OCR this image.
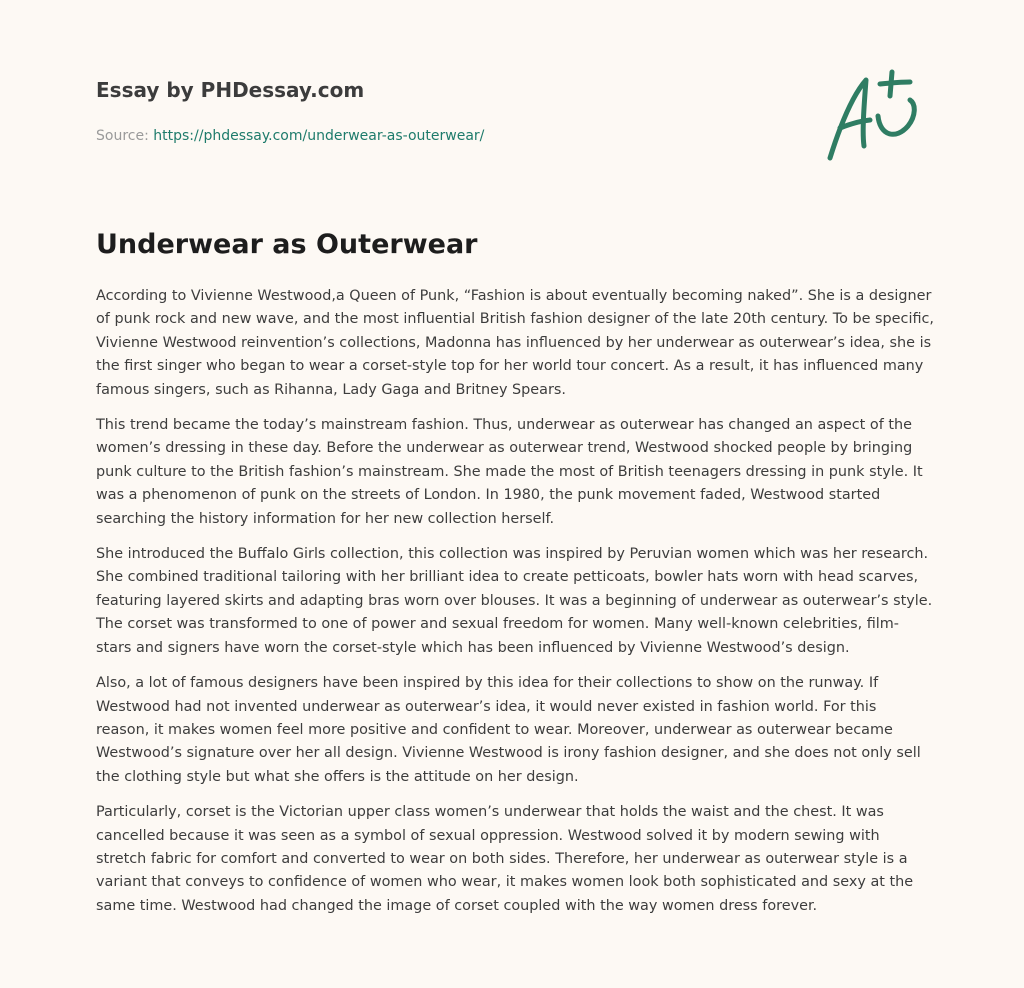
Essay by PHDessay.com
Source: https://phdessay.com/underwear-as-outerwear/
Underwear as Outerwear

According to Vivienne Westwood,a Queen of Punk, “Fashion is about eventually becoming naked”. She is a designer of punk rock and new wave, and the most influential British fashion designer of the late 20th century. To be specific, Vivienne Westwood reinvention’s collections, Madonna has influenced by her underwear as outerwear’s idea, she is the first singer who began to wear a corset-style top for her world tour concert. As a result, it has influenced many famous singers, such as Rihanna, Lady Gaga and Britney Spears.

This trend became the today’s mainstream fashion. Thus, underwear as outerwear has changed an aspect of the women’s dressing in these day. Before the underwear as outerwear trend, Westwood shocked people by bringing punk culture to the British fashion’s mainstream. She made the most of British teenagers dressing in punk style. It was a phenomenon of punk on the streets of London. In 1980, the punk movement faded, Westwood started searching the history information for her new collection herself.

She introduced the Buffalo Girls collection, this collection was inspired by Peruvian women which was her research. She combined traditional tailoring with her brilliant idea to create petticoats, bowler hats worn with head scarves, featuring layered skirts and adapting bras worn over blouses. It was a beginning of underwear as outerwear’s style. The corset was transformed to one of power and sexual freedom for women. Many well-known celebrities, film-stars and signers have worn the corset-style which has been influenced by Vivienne Westwood’s design.

Also, a lot of famous designers have been inspired by this idea for their collections to show on the runway. If Westwood had not invented underwear as outerwear’s idea, it would never existed in fashion world. For this reason, it makes women feel more positive and confident to wear. Moreover, underwear as outerwear became Westwood’s signature over her all design. Vivienne Westwood is irony fashion designer, and she does not only sell the clothing style but what she offers is the attitude on her design.

Particularly, corset is the Victorian upper class women’s underwear that holds the waist and the chest. It was cancelled because it was seen as a symbol of sexual oppression. Westwood solved it by modern sewing with stretch fabric for comfort and converted to wear on both sides. Therefore, her underwear as outerwear style is a variant that conveys to confidence of women who wear, it makes women look both sophisticated and sexy at the same time. Westwood had changed the image of corset coupled with the way women dress forever.
